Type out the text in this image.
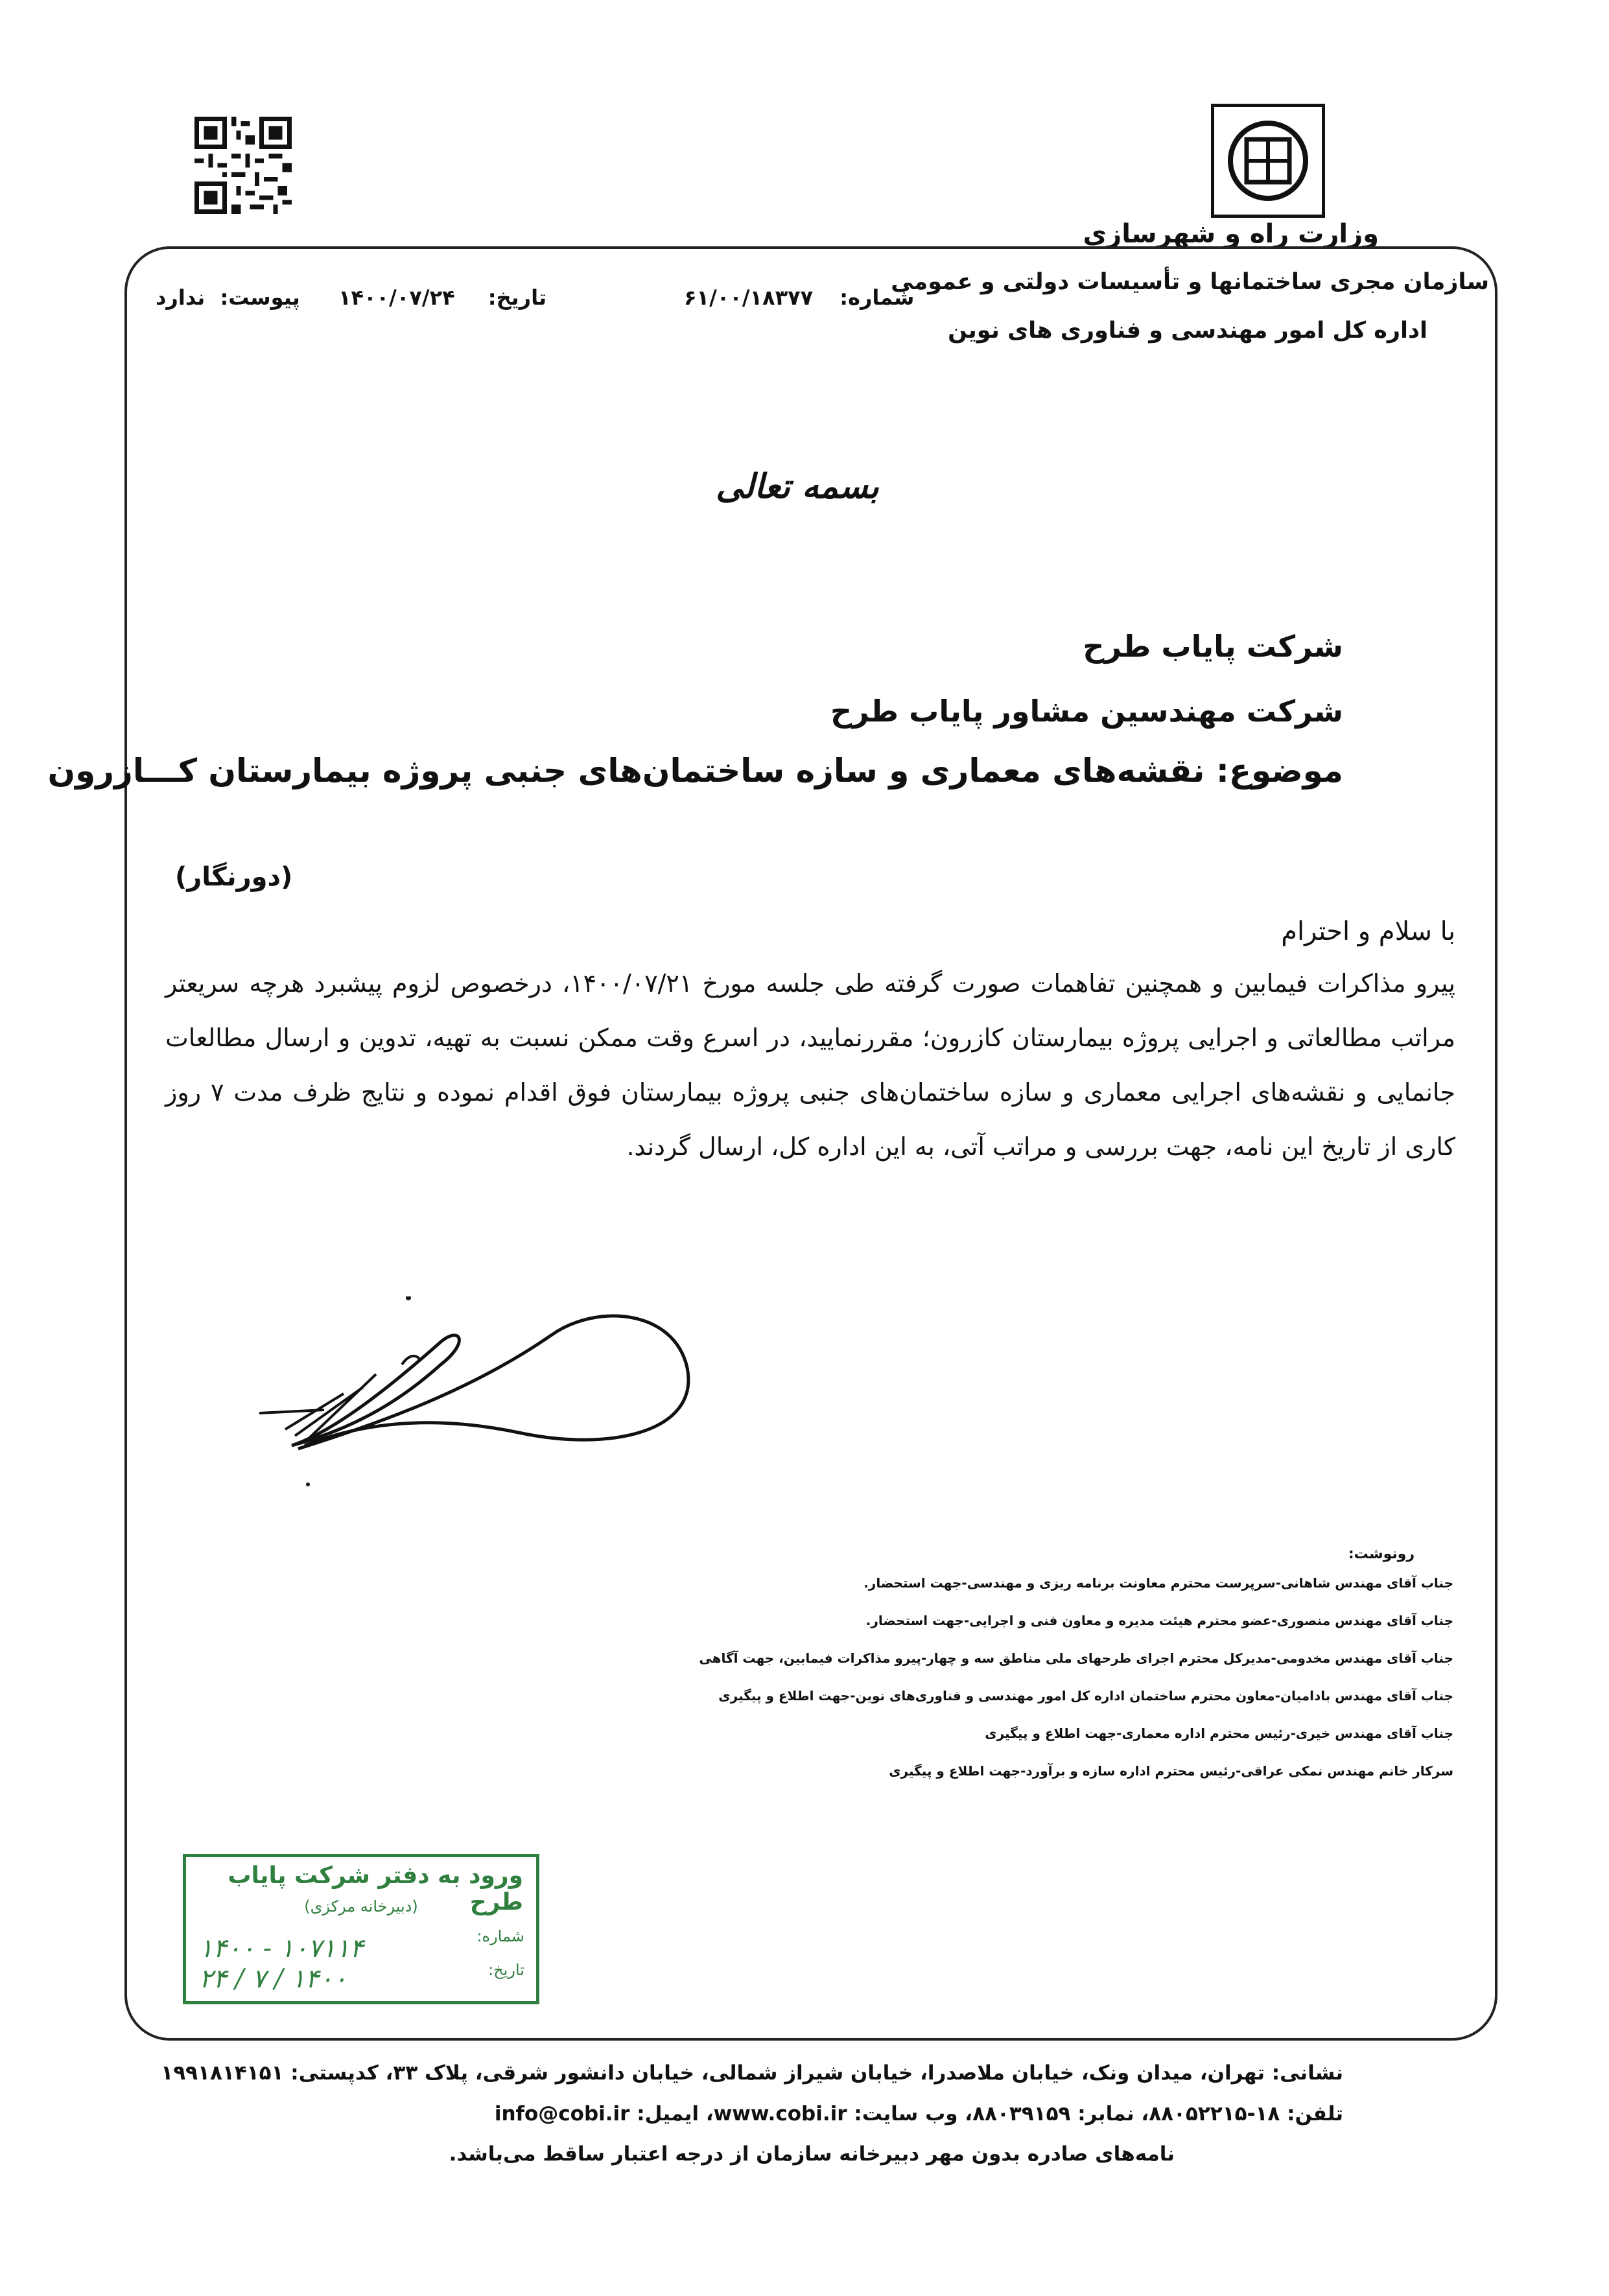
وزارت راه و شهرسازی
سازمان مجری ساختمانها و تأسیسات دولتی و عمومی
اداره کل امور مهندسی و فناوری های نوین
شماره: ۶۱/۰۰/۱۸۳۷۷
تاریخ: ۱۴۰۰/۰۷/۲۴
پیوست: ندارد
بسمه تعالی
شرکت پایاب طرح
شرکت مهندسین مشاور پایاب طرح
موضوع: نقشه‌های معماری و سازه ساختمان‌های جنبی پروژه بیمارستان کـــازرون
(دورنگار)
با سلام و احترام
پیرو مذاکرات فیمابین و همچنین تفاهمات صورت گرفته طی جلسه مورخ ۱۴۰۰/۰۷/۲۱، درخصوص لزوم پیشبرد هرچه سریعتر مراتب مطالعاتی و اجرایی پروژه بیمارستان کازرون؛ مقررنمایید، در اسرع وقت ممکن نسبت به تهیه، تدوین و ارسال مطالعات جانمایی و نقشه‌های اجرایی معماری و سازه ساختمان‌های جنبی پروژه بیمارستان فوق اقدام نموده و نتایج ظرف مدت ۷ روز کاری از تاریخ این نامه، جهت بررسی و مراتب آتی، به این اداره کل، ارسال گردند.
رونوشت:
جناب آقای مهندس شاهانی-سرپرست محترم معاونت برنامه ریزی و مهندسی-جهت استحضار.
جناب آقای مهندس منصوری-عضو محترم هیئت مدیره و معاون فنی و اجرایی-جهت استحضار.
جناب آقای مهندس مخدومی-مدیرکل محترم اجرای طرحهای ملی مناطق سه و چهار-پیرو مذاکرات فیمابین، جهت آگاهی
جناب آقای مهندس بادامیان-معاون محترم ساختمان اداره کل امور مهندسی و فناوری‌های نوین-جهت اطلاع و پیگیری
جناب آقای مهندس خیری-رئیس محترم اداره معماری-جهت اطلاع و پیگیری
سرکار خانم مهندس نمکی عراقی-رئیس محترم اداره سازه و برآورد-جهت اطلاع و پیگیری
ورود به دفتر شرکت پایاب طرح
(دبیرخانه مرکزی)
شماره:
۱۰۷۱۱۴ - ۱۴۰۰
تاریخ:
۱۴۰۰ / ۷ / ۲۴
نشانی: تهران، میدان ونک، خیابان ملاصدرا، خیابان شیراز شمالی، خیابان دانشور شرقی، پلاک ۳۳، کدپستی: ۱۹۹۱۸۱۴۱۵۱
تلفن: ۱۸-۸۸۰۵۲۲۱۵، نمابر: ۸۸۰۳۹۱۵۹، وب سایت: www.cobi.ir، ایمیل: info@cobi.ir
نامه‌های صادره بدون مهر دبیرخانه سازمان از درجه اعتبار ساقط می‌باشد.
